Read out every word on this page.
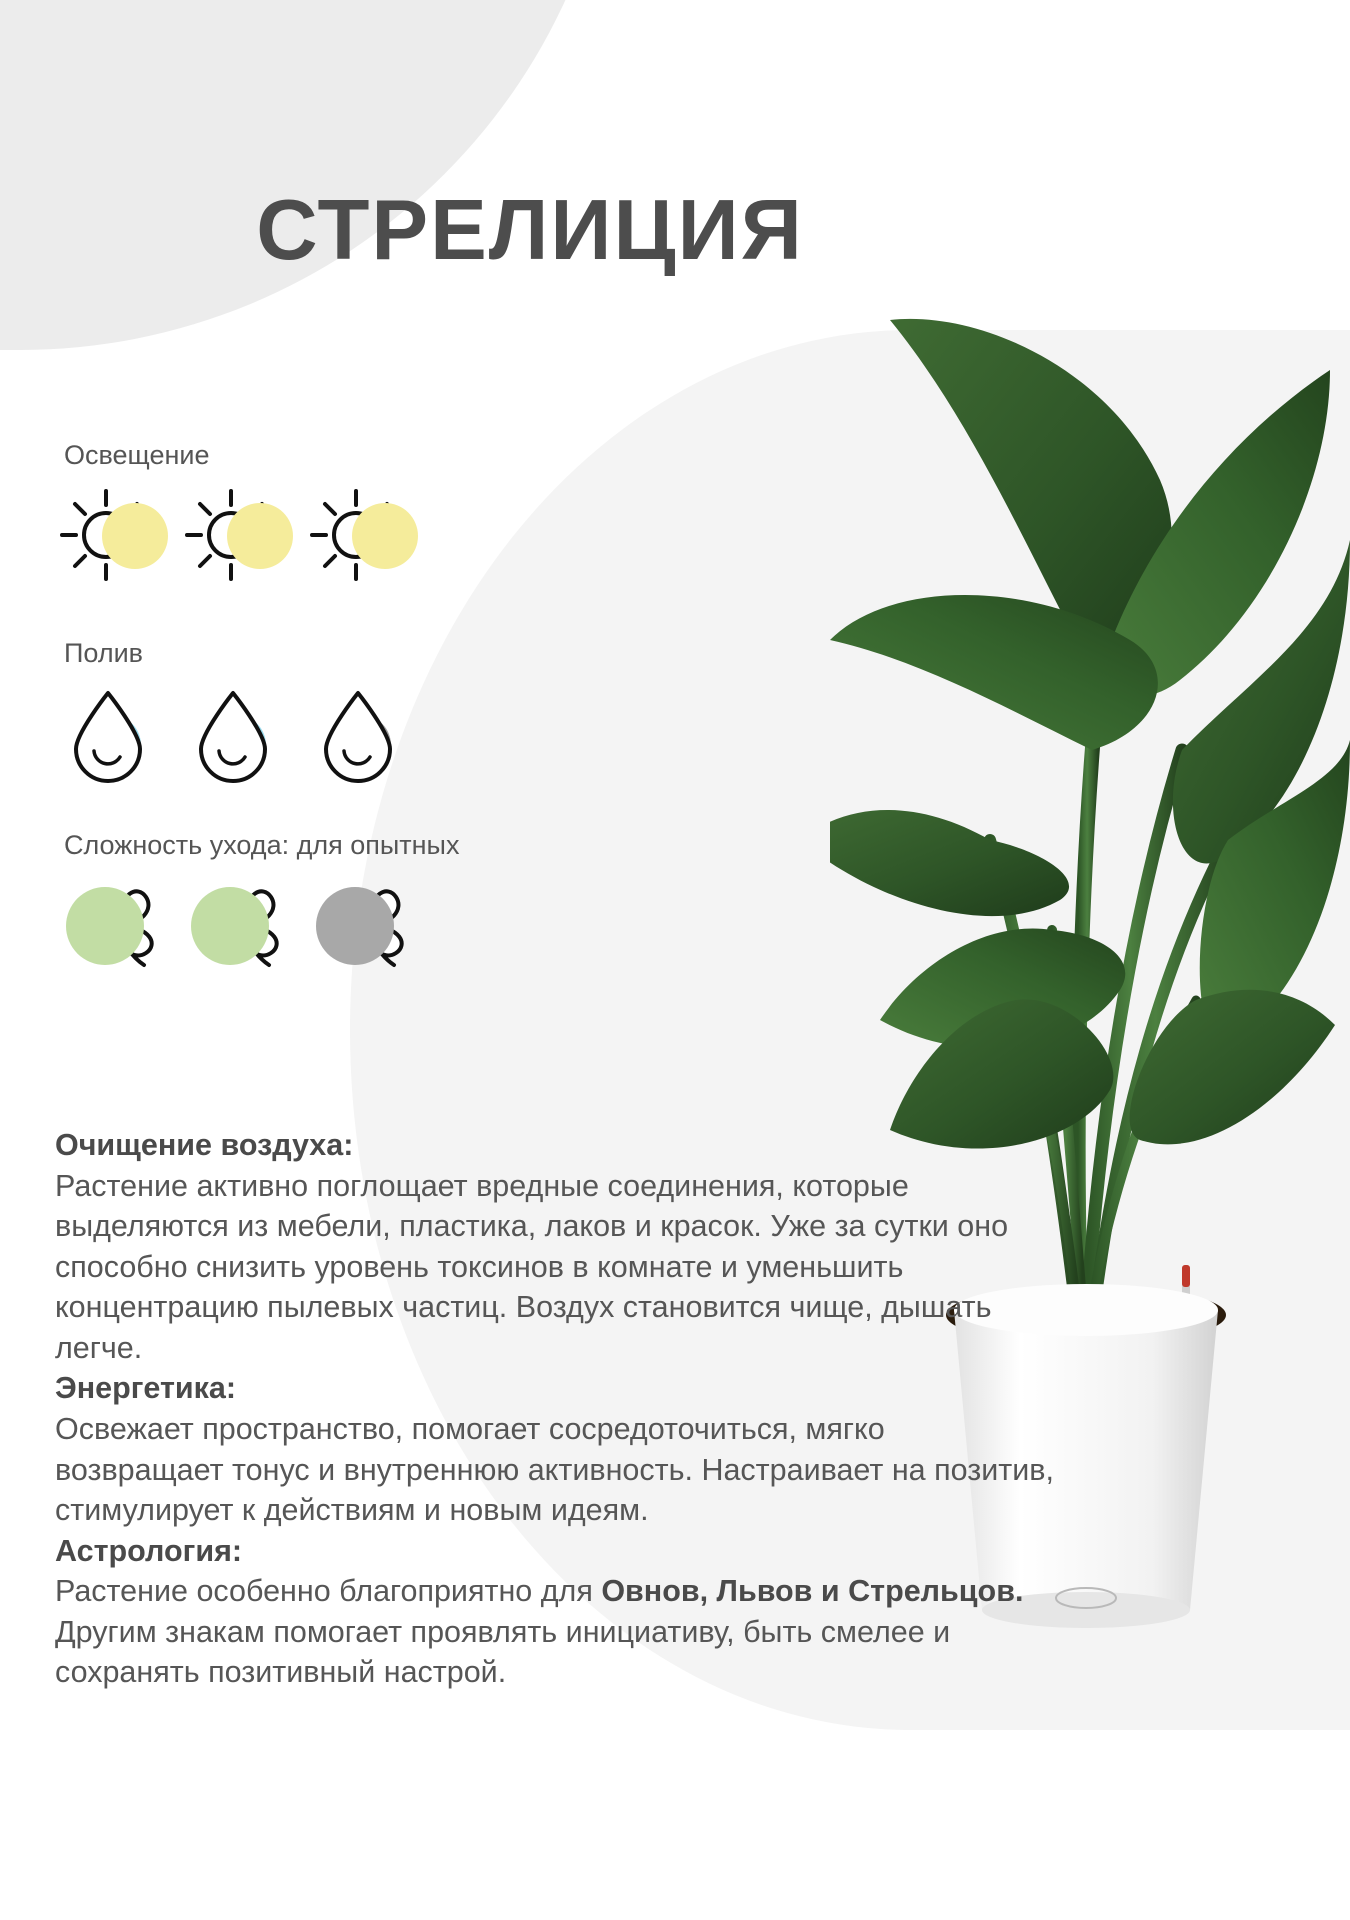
СТРЕЛИЦИЯ
Освещение
Полив
Сложность ухода: для опытных

Очищение воздуха:

Растение активно поглощает вредные соединения, которые выделяются из мебели, пластика, лаков и красок. Уже за сутки оно способно снизить уровень токсинов в комнате и уменьшить концентрацию пылевых частиц. Воздух становится чище, дышать легче.

Энергетика:

Освежает пространство, помогает сосредоточиться, мягко возвращает тонус и внутреннюю активность. Настраивает на позитив, стимулирует к действиям и новым идеям.

Астрология:

Растение особенно благоприятно для Овнов, Львов и Стрельцов. Другим знакам помогает проявлять инициативу, быть смелее и сохранять позитивный настрой.
